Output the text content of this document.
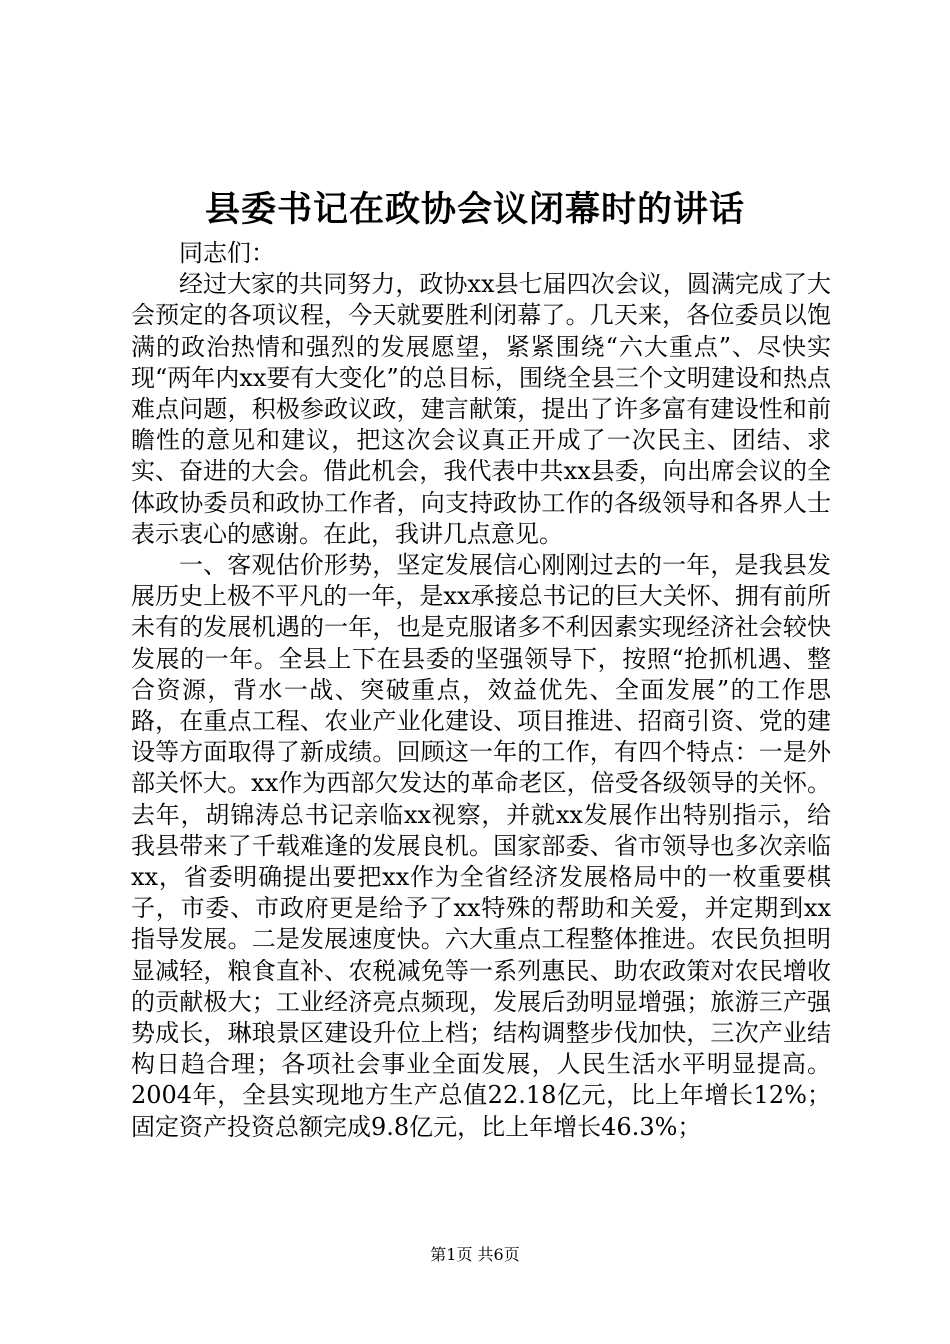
县委书记在政协会议闭幕时的讲话

同志们：

经过大家的共同努力，政协xx县七届四次会议，圆满完成了大会预定的各项议程，今天就要胜利闭幕了。几天来，各位委员以饱满的政治热情和强烈的发展愿望，紧紧围绕“六大重点”、尽快实现“两年内xx要有大变化”的总目标，围绕全县三个文明建设和热点难点问题，积极参政议政，建言献策，提出了许多富有建设性和前瞻性的意见和建议，把这次会议真正开成了一次民主、团结、求实、奋进的大会。借此机会，我代表中共xx县委，向出席会议的全体政协委员和政协工作者，向支持政协工作的各级领导和各界人士表示衷心的感谢。在此，我讲几点意见。

一、客观估价形势，坚定发展信心刚刚过去的一年，是我县发展历史上极不平凡的一年，是xx承接总书记的巨大关怀、拥有前所未有的发展机遇的一年，也是克服诸多不利因素实现经济社会较快发展的一年。全县上下在县委的坚强领导下，按照“抢抓机遇、整合资源，背水一战、突破重点，效益优先、全面发展”的工作思路，在重点工程、农业产业化建设、项目推进、招商引资、党的建设等方面取得了新成绩。回顾这一年的工作，有四个特点：一是外部关怀大。xx作为西部欠发达的革命老区，倍受各级领导的关怀。去年，胡锦涛总书记亲临xx视察，并就xx发展作出特别指示，给我县带来了千载难逢的发展良机。国家部委、省市领导也多次亲临xx，省委明确提出要把xx作为全省经济发展格局中的一枚重要棋子，市委、市政府更是给予了xx特殊的帮助和关爱，并定期到xx指导发展。二是发展速度快。六大重点工程整体推进。农民负担明显减轻，粮食直补、农税减免等一系列惠民、助农政策对农民增收的贡献极大；工业经济亮点频现，发展后劲明显增强；旅游三产强势成长，琳琅景区建设升位上档；结构调整步伐加快，三次产业结构日趋合理；各项社会事业全面发展，人民生活水平明显提高。2004年，全县实现地方生产总值22.18亿元，比上年增长12%；固定资产投资总额完成9.8亿元，比上年增长46.3%；

第1页 共6页
